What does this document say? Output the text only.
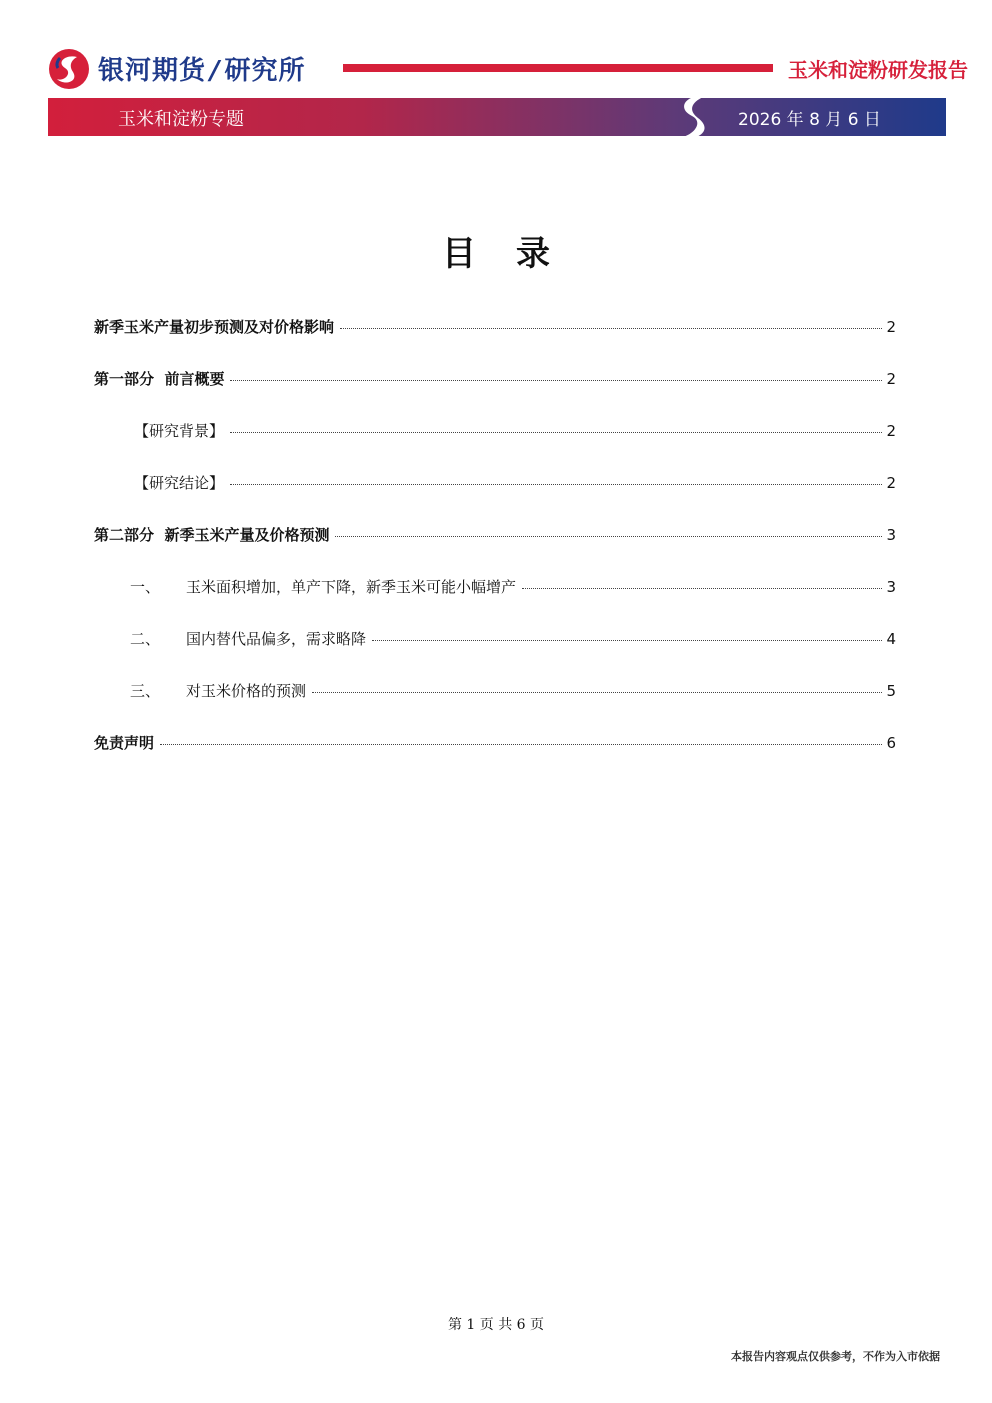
银河期货 / 研究所	玉米和淀粉研发报告
玉米和淀粉专题	2026 年 8 月 6 日
目录
新季玉米产量初步预测及对价格影响	2
第一部分  前言概要	2
【研究背景】	2
【研究结论】	2
第二部分  新季玉米产量及价格预测	3
一、	玉米面积增加，单产下降，新季玉米可能小幅增产	3
二、	国内替代品偏多，需求略降	4
三、	对玉米价格的预测	5
免责声明	6
第 1 页 共 6 页
本报告内容观点仅供参考，不作为入市依据
